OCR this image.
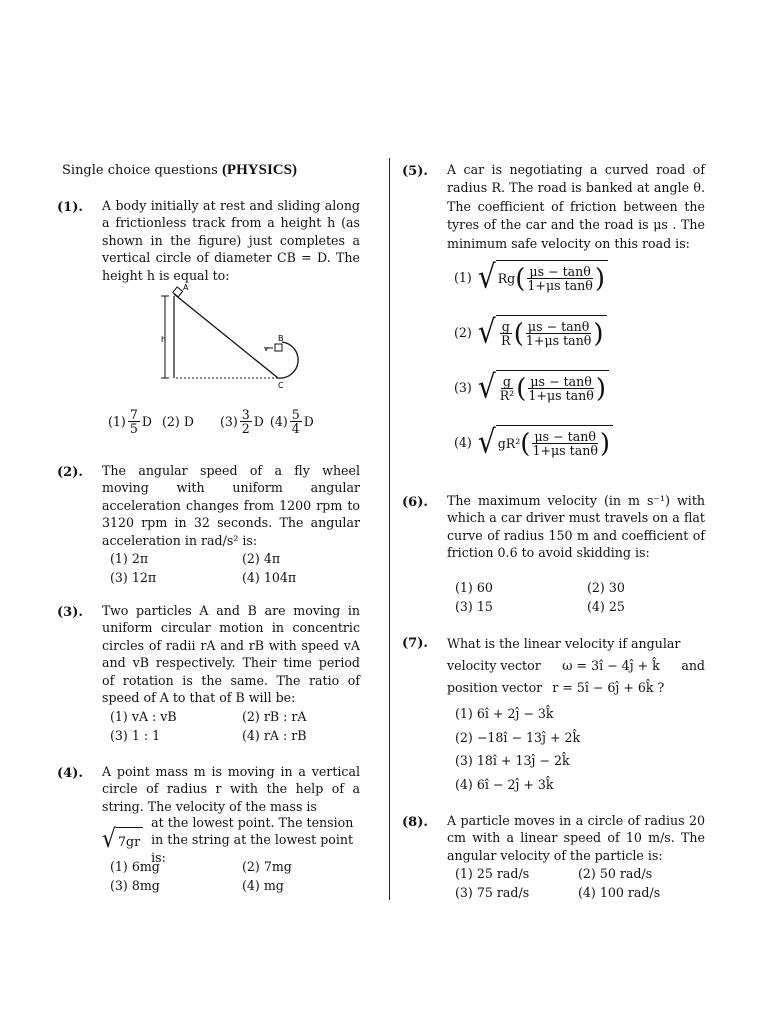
Single choice questions (PHYSICS)
(1). A body initially at rest and sliding along a frictionless track from a height h (as shown in the figure) just completes a vertical circle of diameter CB = D. The height h is equal to:
A
h	B
v
C
$(1) \frac{7}{5}$ D (2) D $(3) \frac{3}{2}$ D $(4) \frac{5}{4}$ D
(2). The angular speed of a fly wheel moving with uniform angular acceleration changes from 1200 rpm to 3120 rpm in 32 seconds. The angular acceleration in rad/s² is:
(1) 2π	(2) 4π
(3) 12π	(4) 104π
(3). Two particles A and B are moving in uniform circular motion in concentric circles of radii rA and rB with speed vA and vB respectively. Their time period of rotation is the same. The ratio of speed of A to that of B will be:
(1) vA : vB	(2) rB : rA
(3) 1 : 1	(4) rA : rB
(4). A point mass m is moving in a vertical circle of radius r with the help of a string. The velocity of the mass is
√ 7gr
at the lowest point. The tension in the string at the lowest point is:
(1) 6mg	(2) 7mg
(3) 8mg	(4) mg
(5). A car is negotiating a curved road of radius R. The road is banked at angle θ. The coefficient of friction between the tyres of the car and the road is μs . The minimum safe velocity on this road is:
(1) √ Rg ( $\frac{\mu s - \tan\theta}{\text{1+μs tanθ}}$ )
(2) √ $\frac{g}{R}$ ( $\frac{\mu s - \tan\theta}{\text{1+μs tanθ}}$ )
(3) √ $\frac{g}{\text{R²}}$ ( $\frac{\mu s - \tan\theta}{\text{1+μs tanθ}}$ )
(4) √ gR² ( $\frac{\mu s - \tan\theta}{\text{1+μs tanθ}}$ )
(6). The maximum velocity (in m s⁻¹) with which a car driver must travels on a flat curve of radius 150 m and coefficient of friction 0.6 to avoid skidding is:
(1) 60	(2) 30
(3) 15	(4) 25
(7). What is the linear velocity if angular
velocity vector ω = 3î − 4ĵ + k̂ and
position vector r = 5î − 6ĵ + 6k̂ ?
(1) 6î + 2ĵ − 3k̂
(2) −18î − 13ĵ + 2k̂
(3) 18î + 13ĵ − 2k̂
(4) 6î − 2ĵ + 3k̂
(8). A particle moves in a circle of radius 20 cm with a linear speed of 10 m/s. The angular velocity of the particle is:
(1) 25 rad/s	(2) 50 rad/s
(3) 75 rad/s	(4) 100 rad/s
